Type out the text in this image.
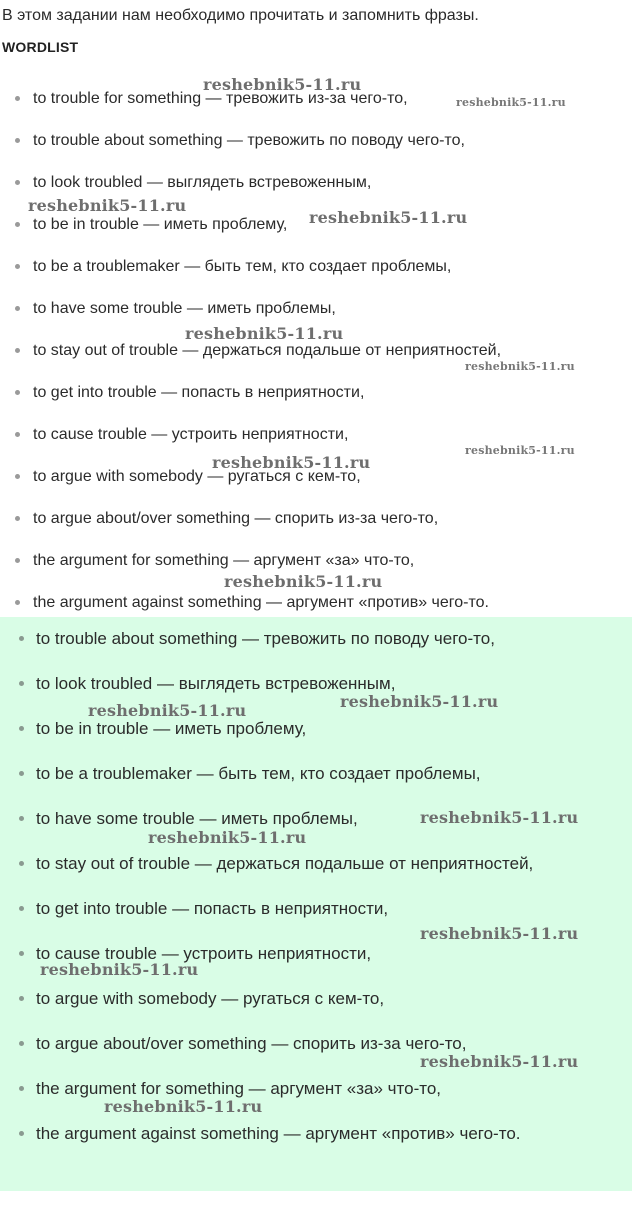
В этом задании нам необходимо прочитать и запомнить фразы.
WORDLIST
to trouble for something — тревожить из-за чего-то,
to trouble about something — тревожить по поводу чего-то,
to look troubled — выглядеть встревоженным,
to be in trouble — иметь проблему,
to be a troublemaker — быть тем, кто создает проблемы,
to have some trouble — иметь проблемы,
to stay out of trouble — держаться подальше от неприятностей,
to get into trouble — попасть в неприятности,
to cause trouble — устроить неприятности,
to argue with somebody — ругаться с кем-то,
to argue about/over something — спорить из-за чего-то,
the argument for something — аргумент «за» что-то,
the argument against something — аргумент «против» чего-то.
to trouble about something — тревожить по поводу чего-то,
to look troubled — выглядеть встревоженным,
to be in trouble — иметь проблему,
to be a troublemaker — быть тем, кто создает проблемы,
to have some trouble — иметь проблемы,
to stay out of trouble — держаться подальше от неприятностей,
to get into trouble — попасть в неприятности,
to cause trouble — устроить неприятности,
to argue with somebody — ругаться с кем-то,
to argue about/over something — спорить из-за чего-то,
the argument for something — аргумент «за» что-то,
the argument against something — аргумент «против» чего-то.
reshebnik5-11.ru
reshebnik5-11.ru
reshebnik5-11.ru
reshebnik5-11.ru
reshebnik5-11.ru
reshebnik5-11.ru
reshebnik5-11.ru
reshebnik5-11.ru
reshebnik5-11.ru
reshebnik5-11.ru
reshebnik5-11.ru
reshebnik5-11.ru
reshebnik5-11.ru
reshebnik5-11.ru
reshebnik5-11.ru
reshebnik5-11.ru
reshebnik5-11.ru
